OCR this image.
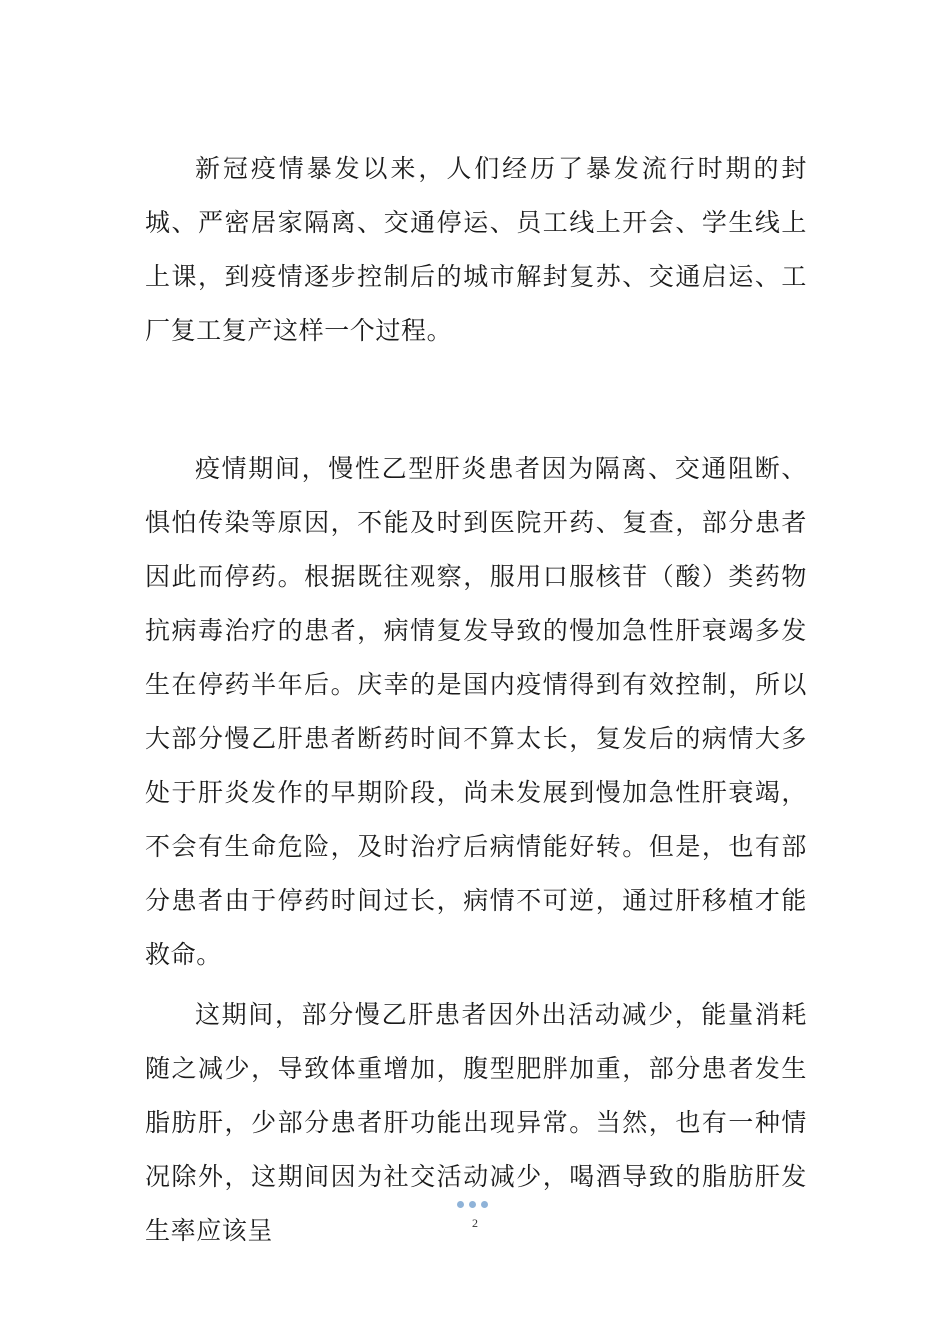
新冠疫情暴发以来，人们经历了暴发流行时期的封城、严密居家隔离、交通停运、员工线上开会、学生线上上课，到疫情逐步控制后的城市解封复苏、交通启运、工厂复工复产这样一个过程。

疫情期间，慢性乙型肝炎患者因为隔离、交通阻断、惧怕传染等原因，不能及时到医院开药、复查，部分患者因此而停药。根据既往观察，服用口服核苷（酸）类药物抗病毒治疗的患者，病情复发导致的慢加急性肝衰竭多发生在停药半年后。庆幸的是国内疫情得到有效控制，所以大部分慢乙肝患者断药时间不算太长，复发后的病情大多处于肝炎发作的早期阶段，尚未发展到慢加急性肝衰竭，不会有生命危险，及时治疗后病情能好转。但是，也有部分患者由于停药时间过长，病情不可逆，通过肝移植才能救命。

这期间，部分慢乙肝患者因外出活动减少，能量消耗随之减少，导致体重增加，腹型肥胖加重，部分患者发生脂肪肝，少部分患者肝功能出现异常。当然，也有一种情况除外，这期间因为社交活动减少，喝酒导致的脂肪肝发生率应该呈	2
